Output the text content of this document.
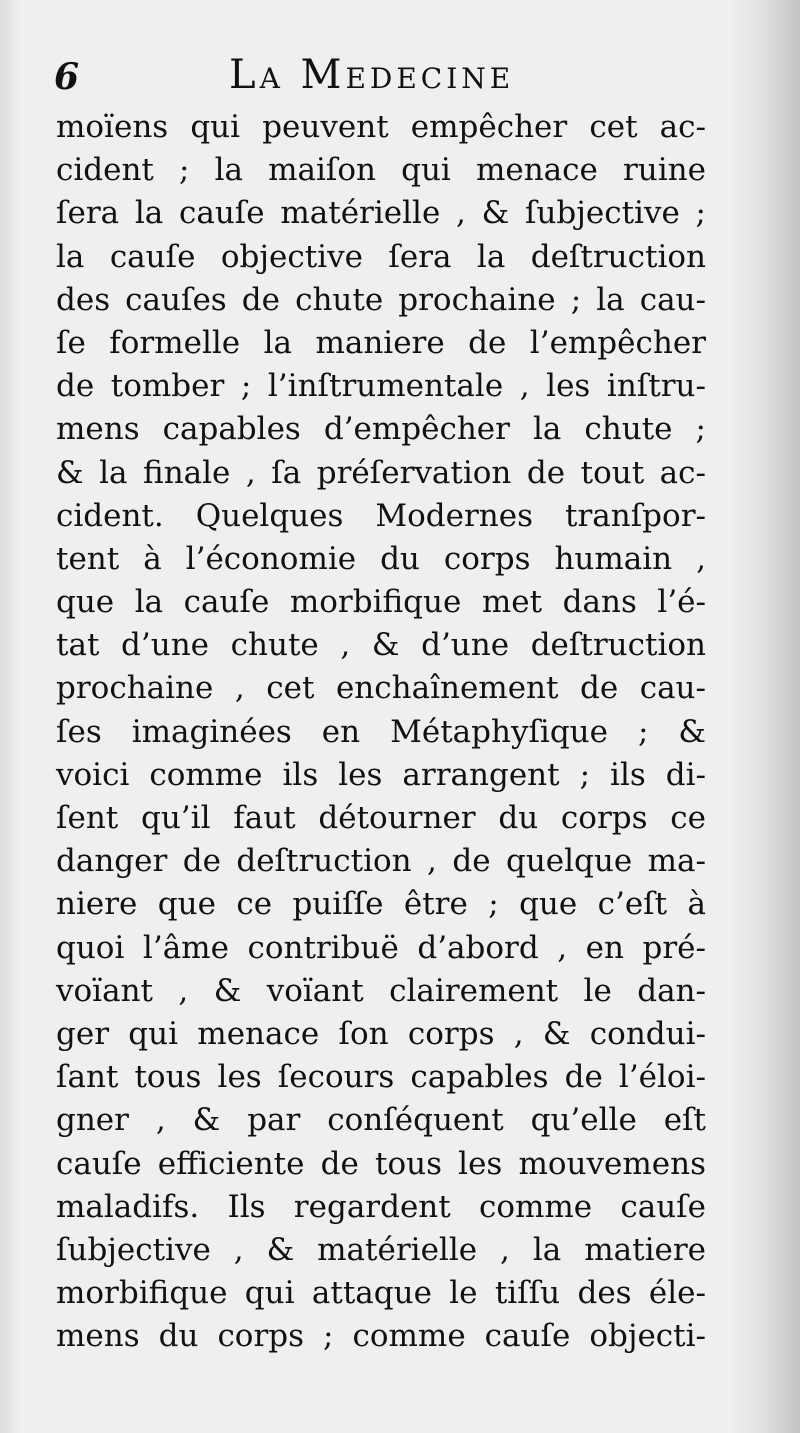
6	La Medecine
moïens qui peuvent empêcher cet ac-
cident ; la maiſon qui menace ruine
ſera la cauſe matérielle , & ſubjective ;
la cauſe objective ſera la deſtruction
des cauſes de chute prochaine ; la cau-
ſe formelle la maniere de l’empêcher
de tomber ; l’inſtrumentale , les inſtru-
mens capables d’empêcher la chute ;
& la finale , ſa préſervation de tout ac-
cident. Quelques Modernes tranſpor-
tent à l’économie du corps humain ,
que la cauſe morbifique met dans l’é-
tat d’une chute , & d’une deſtruction
prochaine , cet enchaînement de cau-
ſes imaginées en Métaphyſique ; &
voici comme ils les arrangent ; ils di-
ſent qu’il faut détourner du corps ce
danger de deſtruction , de quelque ma-
niere que ce puiſſe être ; que c’eſt à
quoi l’âme contribuë d’abord , en pré-
voïant , & voïant clairement le dan-
ger qui menace ſon corps , & condui-
ſant tous les ſecours capables de l’éloi-
gner , & par conſéquent qu’elle eſt
cauſe efficiente de tous les mouvemens
maladifs. Ils regardent comme cauſe
ſubjective , & matérielle , la matiere
morbifique qui attaque le tiſſu des éle-
mens du corps ; comme cauſe objecti-
